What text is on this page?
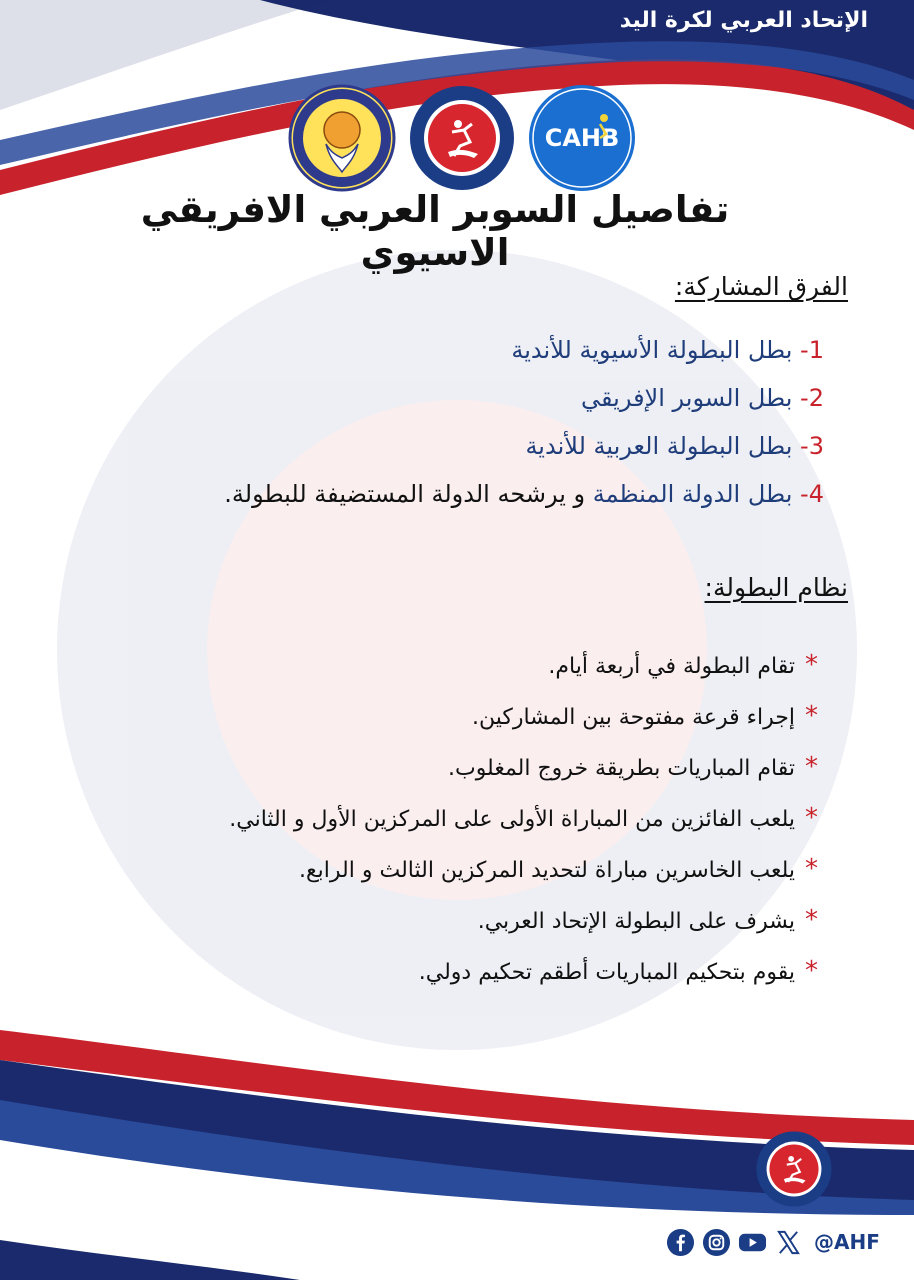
الإتحاد العربي لكرة اليد
CAHB
تفاصيل السوبر العربي الافريقي الاسيوي
الفرق المشاركة:
1- بطل البطولة الأسيوية للأندية
2- بطل السوبر الإفريقي
3- بطل البطولة العربية للأندية
4- بطل الدولة المنظمة و يرشحه الدولة المستضيفة للبطولة.
نظام البطولة:
*تقام البطولة في أربعة أيام.
*إجراء قرعة مفتوحة بين المشاركين.
*تقام المباريات بطريقة خروج المغلوب.
*يلعب الفائزين من المباراة الأولى على المركزين الأول و الثاني.
*يلعب الخاسرين مباراة لتحديد المركزين الثالث و الرابع.
*يشرف على البطولة الإتحاد العربي.
*يقوم بتحكيم المباريات أطقم تحكيم دولي.
@AHF
